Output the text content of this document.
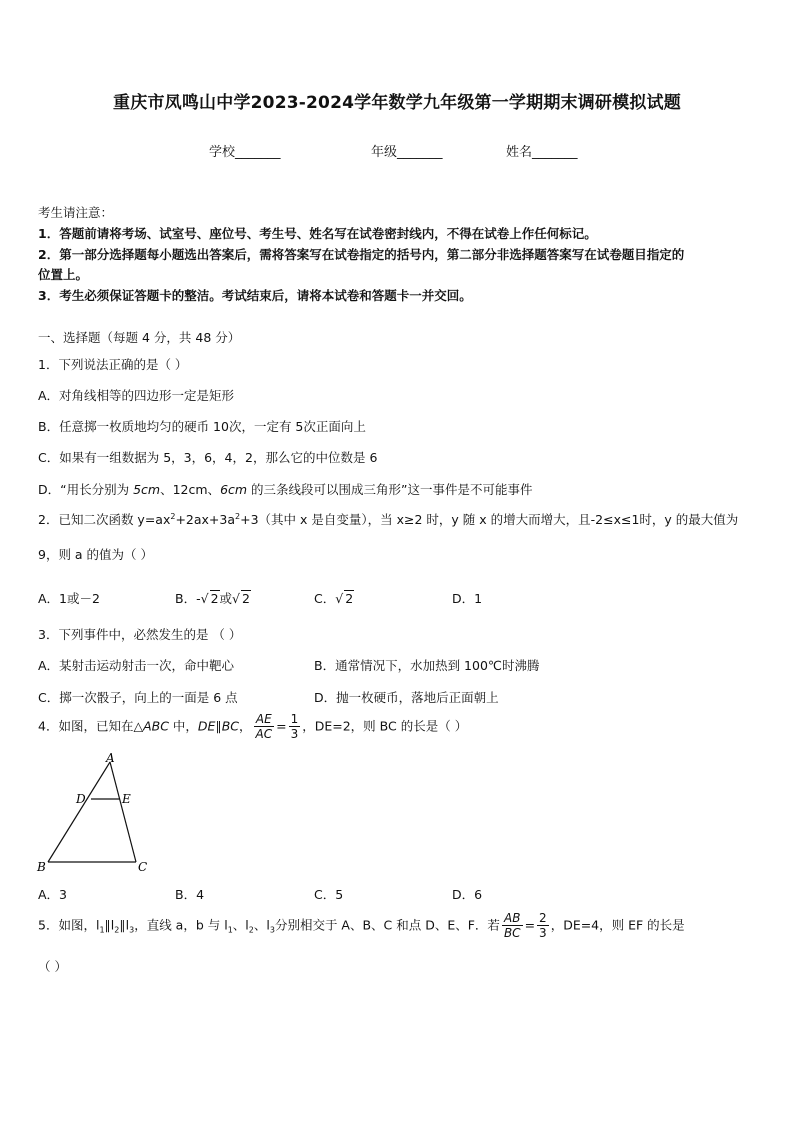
重庆市凤鸣山中学2023-2024学年数学九年级第一学期期末调研模拟试题
学校_______	年级_______	姓名_______
考生请注意：
1．答题前请将考场、试室号、座位号、考生号、姓名写在试卷密封线内，不得在试卷上作任何标记。
2．第一部分选择题每小题选出答案后，需将答案写在试卷指定的括号内，第二部分非选择题答案写在试卷题目指定的
位置上。
3．考生必须保证答题卡的整洁。考试结束后，请将本试卷和答题卡一并交回。
一、选择题（每题 4 分，共 48 分）
1．下列说法正确的是（ ）
A．对角线相等的四边形一定是矩形
B．任意掷一枚质地均匀的硬币 10次，一定有 5次正面向上
C．如果有一组数据为 5，3，6，4，2，那么它的中位数是 6
D．“用长分别为 5cm、12cm、6cm 的三条线段可以围成三角形”这一事件是不可能事件
2．已知二次函数 $y=ax^2+2ax+3a^2+3$（其中 x 是自变量），当 x≥2 时，y 随 x 的增大而增大，且-2≤x≤1时，y 的最大值为
9，则 a 的值为（ ）
A．1或－2	B．-√ 2或√ 2	C．√ 2	D．1
3．下列事件中，必然发生的是 （ ）
A．某射击运动射击一次，命中靶心	B．通常情况下，水加热到 100℃时沸腾
C．掷一次骰子，向上的一面是 6 点	D．抛一枚硬币，落地后正面朝上
4．如图，已知在△ABC 中，DE∥BC， $\frac{AE}{AC} = \frac{1}{3}$ ，DE=2，则 BC 的长是（ ）
A
D	E
B	C
A．3	B．4	C．5	D．6
5．如图，$l_1\parallel l_2\parallel l_3$，直线 a，b 与 $l_1$、$l_2$、$l_3$分别相交于 A、B、C 和点 D、E、F．若 $\frac{AB}{BC} = \frac{2}{3}$ ，DE=4，则 EF 的长是
（ ）
